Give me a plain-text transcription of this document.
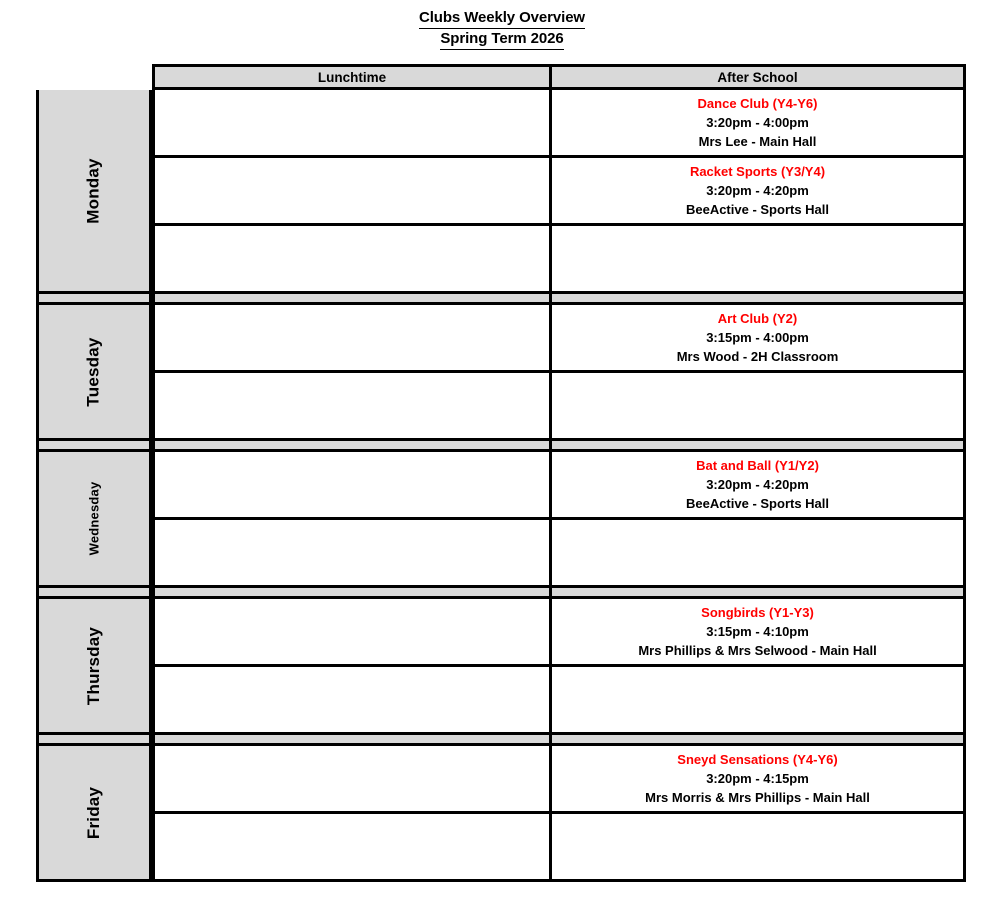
Clubs Weekly Overview
Spring Term 2026
Lunchtime	After School
Monday
Dance Club (Y4-Y6)
3:20pm - 4:00pm
Mrs Lee - Main Hall
Racket Sports (Y3/Y4)
3:20pm - 4:20pm
BeeActive - Sports Hall
Tuesday
Art Club (Y2)
3:15pm - 4:00pm
Mrs Wood - 2H Classroom
Wednesday
Bat and Ball (Y1/Y2)
3:20pm - 4:20pm
BeeActive - Sports Hall
Thursday
Songbirds (Y1-Y3)
3:15pm - 4:10pm
Mrs Phillips & Mrs Selwood - Main Hall
Friday
Sneyd Sensations (Y4-Y6)
3:20pm - 4:15pm
Mrs Morris & Mrs Phillips - Main Hall
